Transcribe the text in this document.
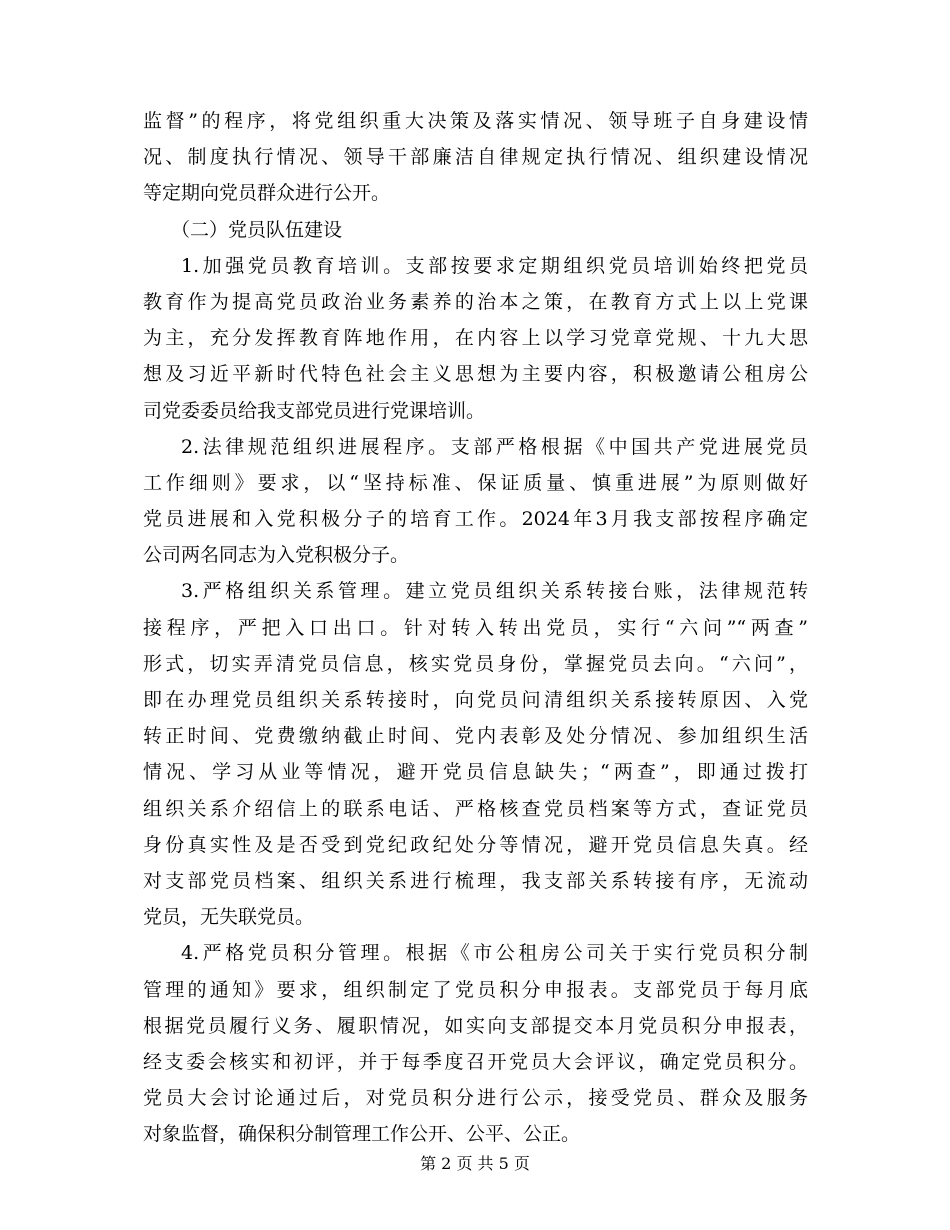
监督”的程序，将党组织重大决策及落实情况、领导班子自身建设情
况、制度执行情况、领导干部廉洁自律规定执行情况、组织建设情况
等定期向党员群众进行公开。
（二）党员队伍建设
1.加强党员教育培训。支部按要求定期组织党员培训始终把党员
教育作为提高党员政治业务素养的治本之策，在教育方式上以上党课
为主，充分发挥教育阵地作用，在内容上以学习党章党规、十九大思
想及习近平新时代特色社会主义思想为主要内容，积极邀请公租房公
司党委委员给我支部党员进行党课培训。
2.法律规范组织进展程序。支部严格根据《中国共产党进展党员
工作细则》要求，以“坚持标准、保证质量、慎重进展”为原则做好
党员进展和入党积极分子的培育工作。2024年3月我支部按程序确定
公司两名同志为入党积极分子。
3.严格组织关系管理。建立党员组织关系转接台账，法律规范转
接程序，严把入口出口。针对转入转出党员，实行“六问”“两查”
形式，切实弄清党员信息，核实党员身份，掌握党员去向。“六问”，
即在办理党员组织关系转接时，向党员问清组织关系接转原因、入党
转正时间、党费缴纳截止时间、党内表彰及处分情况、参加组织生活
情况、学习从业等情况，避开党员信息缺失；“两查”，即通过拨打
组织关系介绍信上的联系电话、严格核查党员档案等方式，查证党员
身份真实性及是否受到党纪政纪处分等情况，避开党员信息失真。经
对支部党员档案、组织关系进行梳理，我支部关系转接有序，无流动
党员，无失联党员。
4.严格党员积分管理。根据《市公租房公司关于实行党员积分制
管理的通知》要求，组织制定了党员积分申报表。支部党员于每月底
根据党员履行义务、履职情况，如实向支部提交本月党员积分申报表，
经支委会核实和初评，并于每季度召开党员大会评议，确定党员积分。
党员大会讨论通过后，对党员积分进行公示，接受党员、群众及服务
对象监督，确保积分制管理工作公开、公平、公正。
第 2 页 共 5 页
